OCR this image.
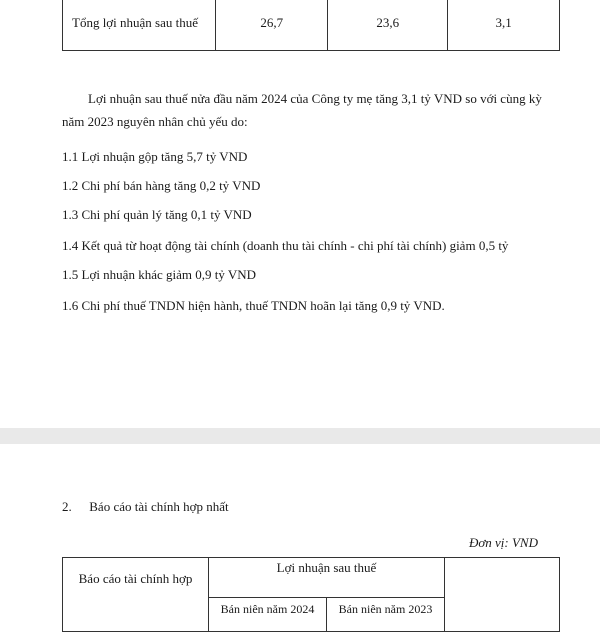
Tổng lợi nhuận sau thuế	26,7	23,6	3,1
Lợi nhuận sau thuế nửa đầu năm 2024 của Công ty mẹ tăng 3,1 tỷ VND so với cùng kỳ
năm 2023 nguyên nhân chủ yếu do:

1.1 Lợi nhuận gộp tăng 5,7 tỷ VND

1.2 Chi phí bán hàng tăng 0,2 tỷ VND

1.3 Chi phí quản lý tăng 0,1 tỷ VND

1.4 Kết quả từ hoạt động tài chính (doanh thu tài chính - chi phí tài chính) giảm 0,5 tỷ

1.5 Lợi nhuận khác giảm 0,9 tỷ VND

1.6 Chi phí thuế TNDN hiện hành, thuế TNDN hoãn lại tăng 0,9 tỷ VND.

2. Báo cáo tài chính hợp nhất
Đơn vị: VND
Báo cáo tài chính hợp	Lợi nhuận sau thuế		
	Bán niên năm 2024	Bán niên năm 2023	
